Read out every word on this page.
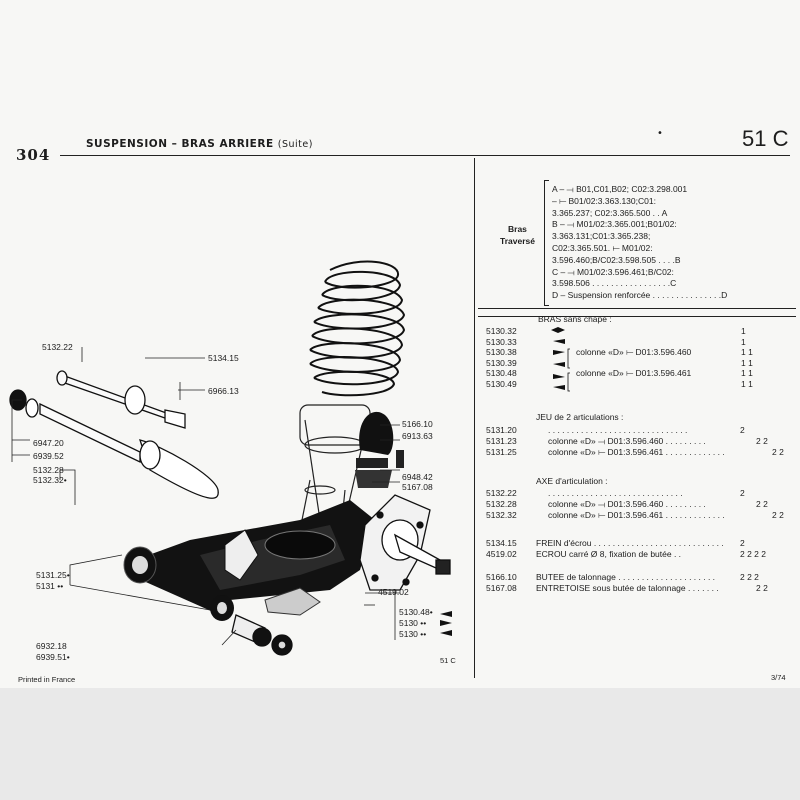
304
SUSPENSION – BRAS ARRIERE (Suite)
•	51 C
5132.22
5134.15
6966.13
6947.20
6939.52
5132.28
5132.32•
5166.10
6913.63
6948.42
5167.08
5131.25•
5131 ••
4519.02
5130.48•
5130 ••
5130 ••
6932.18
6939.51•	51 C
Bras
Traversé
A – ⟞ B01,C01,B02; C02:3.298.001
– ⟝ B01/02:3.363.130;C01:
3.365.237; C02:3.365.500 . . A
B – ⟞ M01/02:3.365.001;B01/02:
3.363.131;C01:3.365.238;
C02:3.365.501. ⟝ M01/02:
3.596.460;B/C02:3.598.505 . . . .B
C – ⟞ M01/02:3.596.461;B/C02:
3.598.506 . . . . . . . . . . . . . . . . .C
D – Suspension renforcée . . . . . . . . . . . . . . .D
BRAS sans chape :
5130.32	1
5130.33	1
5130.38	colonne «D» ⟝ D01:3.596.460	1 1
5130.39	1 1
5130.48	colonne «D» ⟝ D01:3.596.461	1 1
5130.49	1 1
JEU de 2 articulations :
5131.20	. . . . . . . . . . . . . . . . . . . . . . . . . . . . . .	2
5131.23	colonne «D» ⟞ D01:3.596.460 . . . . . . . . .	2 2
5131.25	colonne «D» ⟝ D01:3.596.461 . . . . . . . . . . . . .	2 2
AXE d'articulation :
5132.22	. . . . . . . . . . . . . . . . . . . . . . . . . . . . .	2
5132.28	colonne «D» ⟞ D01:3.596.460 . . . . . . . . .	2 2
5132.32	colonne «D» ⟝ D01:3.596.461 . . . . . . . . . . . . .	2 2
5134.15 FREIN d'écrou . . . . . . . . . . . . . . . . . . . . . . . . . . . . 2
4519.02 ECROU carré Ø 8, fixation de butée . .	2 2 2 2
5166.10 BUTEE de talonnage . . . . . . . . . . . . . . . . . . . . .	2 2 2
5167.08 ENTRETOISE sous butée de talonnage . . . . . . .	2 2
Printed in France	3/74
